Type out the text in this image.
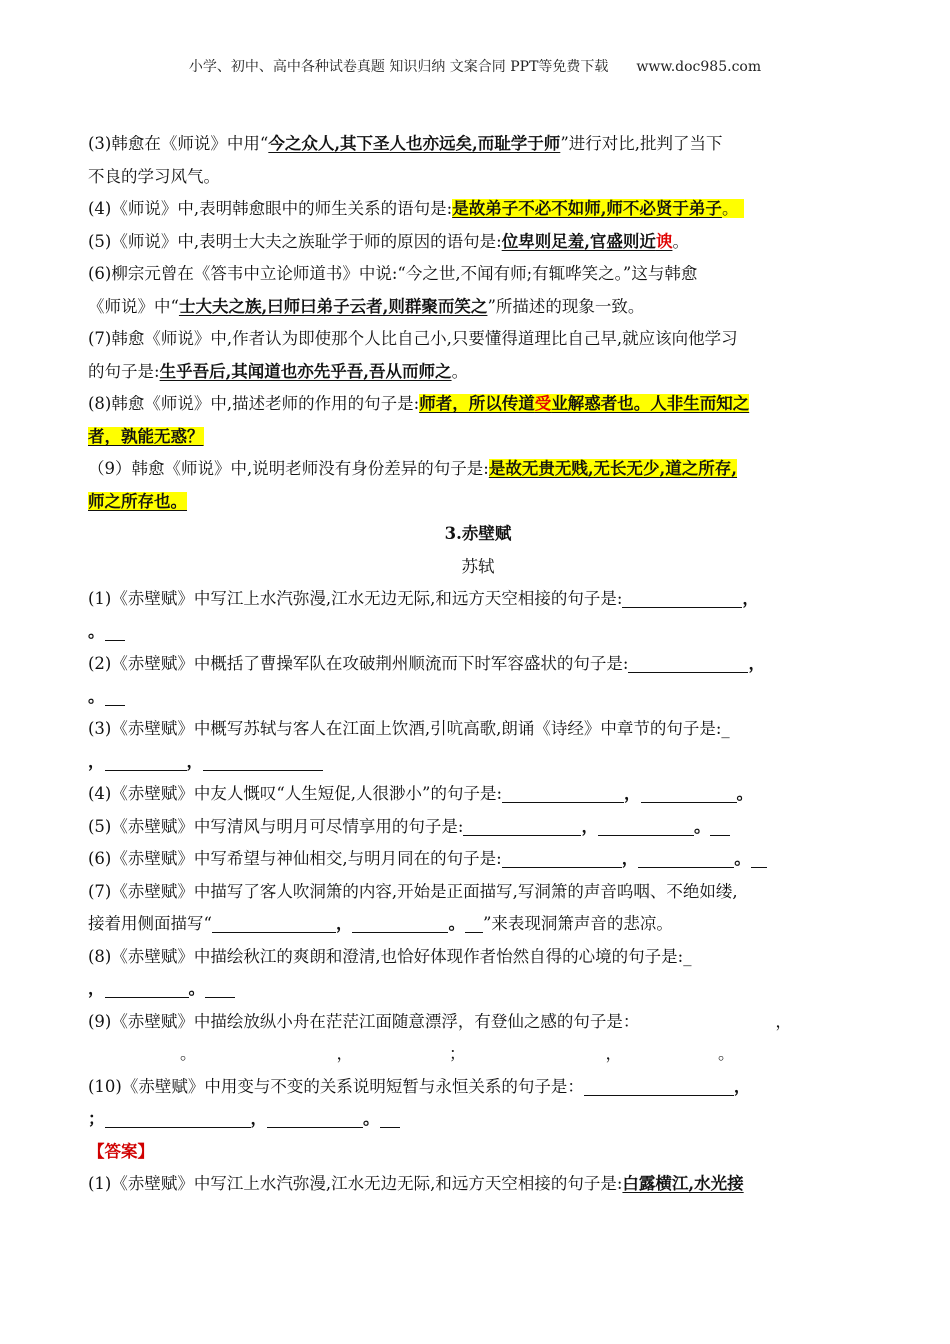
小学、初中、高中各种试卷真题 知识归纳 文案合同 PPT等免费下载 www.doc985.com

(3)韩愈在《师说》中用“今之众人,其下圣人也亦远矣,而耻学于师”进行对比,批判了当下

不良的学习风气。

(4)《师说》中,表明韩愈眼中的师生关系的语句是:是故弟子不必不如师,师不必贤于弟子。

(5)《师说》中,表明士大夫之族耻学于师的原因的语句是:位卑则足羞,官盛则近谀。

(6)柳宗元曾在《答韦中立论师道书》中说:“今之世,不闻有师;有辄哗笑之。”这与韩愈

《师说》中“士大夫之族,曰师曰弟子云者,则群聚而笑之”所描述的现象一致。

(7)韩愈《师说》中,作者认为即使那个人比自己小,只要懂得道理比自己早,就应该向他学习

的句子是:生乎吾后,其闻道也亦先乎吾,吾从而师之。

(8)韩愈《师说》中,描述老师的作用的句子是:师者，所以传道受业解惑者也。人非生而知之

者，孰能无惑？

（9）韩愈《师说》中,说明老师没有身份差异的句子是:是故无贵无贱,无长无少,道之所存,

师之所存也。

3.赤壁赋

苏轼

(1)《赤壁赋》中写江上水汽弥漫,江水无边无际,和远方天空相接的句子是:	，

。

(2)《赤壁赋》中概括了曹操军队在攻破荆州顺流而下时军容盛状的句子是:	，

。

(3)《赤壁赋》中概写苏轼与客人在江面上饮酒,引吭高歌,朗诵《诗经》中章节的句子是:_

，	，

(4)《赤壁赋》中友人慨叹“人生短促,人很渺小”的句子是:	，	。

(5)《赤壁赋》中写清风与明月可尽情享用的句子是:	，	。

(6)《赤壁赋》中写希望与神仙相交,与明月同在的句子是:	，	。

(7)《赤壁赋》中描写了客人吹洞箫的内容,开始是正面描写,写洞箫的声音呜咽、不绝如缕,

接着用侧面描写“	，	。 ”来表现洞箫声音的悲凉。

(8)《赤壁赋》中描绘秋江的爽朗和澄清,也恰好体现作者怡然自得的心境的句子是:_

，	。

(9)《赤壁赋》中描绘放纵小舟在茫茫江面随意漂浮，有登仙之感的句子是：	，

。	，	；	，	。

(10)《赤壁赋》中用变与不变的关系说明短暂与永恒关系的句子是：	，

；	，	。

【答案】

(1)《赤壁赋》中写江上水汽弥漫,江水无边无际,和远方天空相接的句子是:白露横江,水光接
